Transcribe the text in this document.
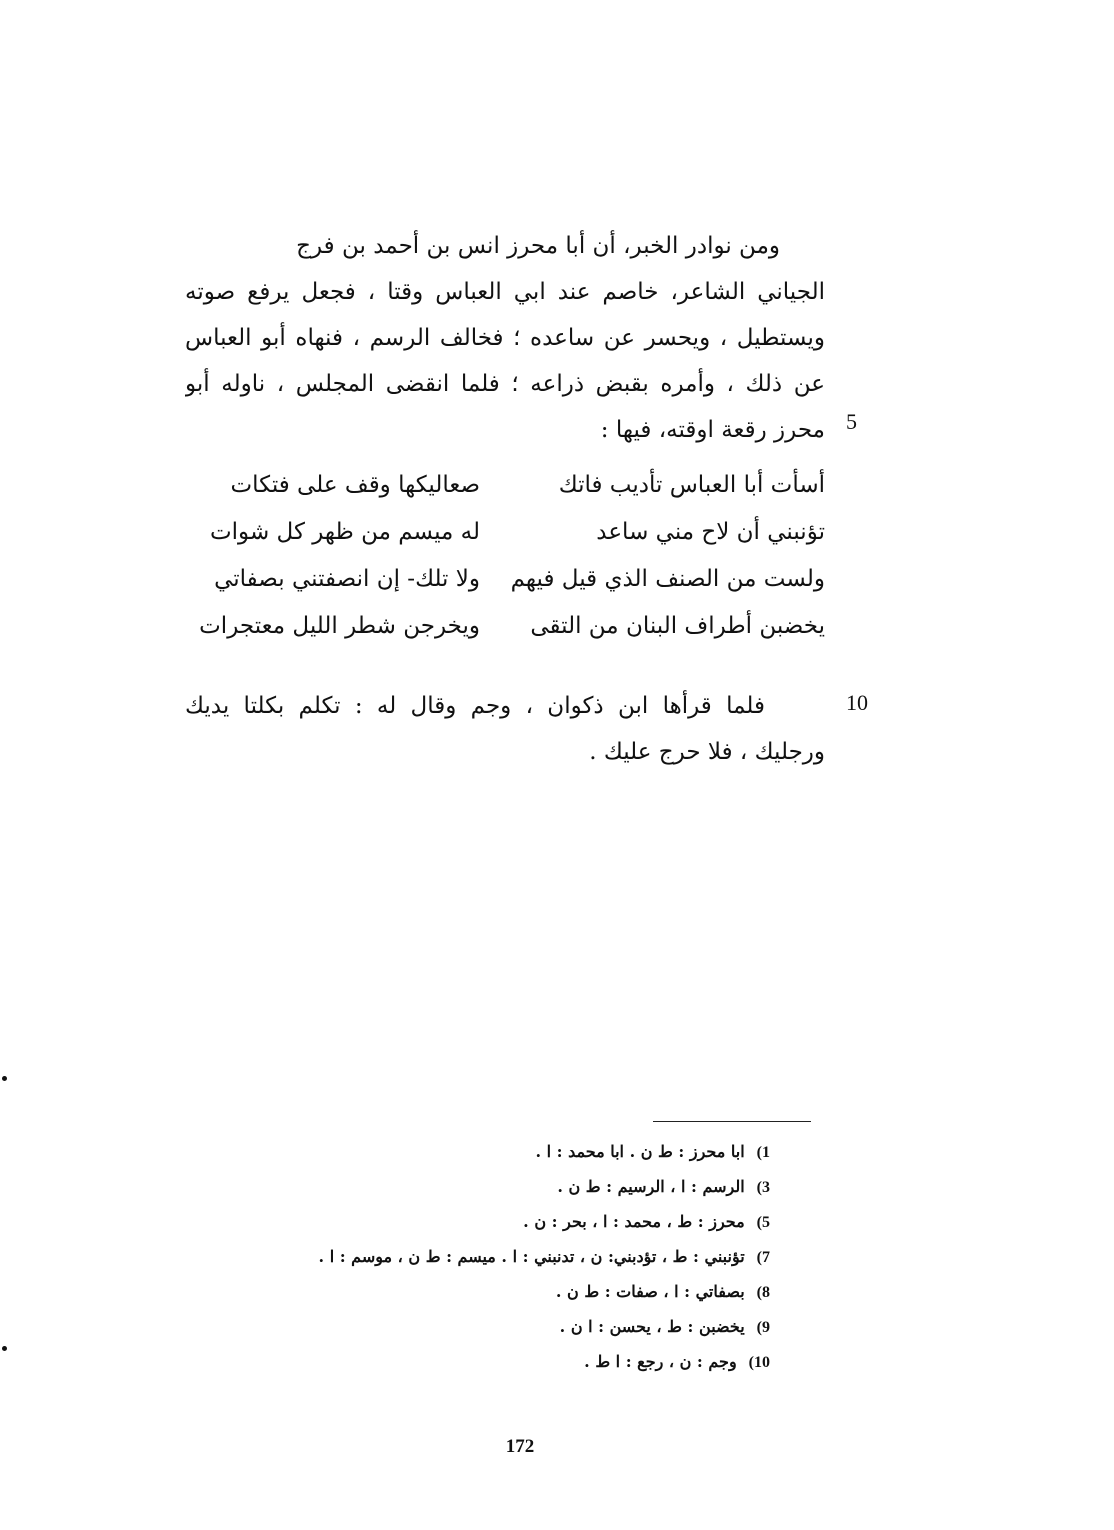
ومن نوادر الخبر، أن أبا محرز انس بن أحمد بن فرج
الجياني الشاعر، خاصم عند ابي العباس وقتا ، فجعل يرفع صوته
ويستطيل ، ويحسر عن ساعده ؛ فخالف الرسم ، فنهاه أبو العباس
عن ذلك ، وأمره بقبض ذراعه ؛ فلما انقضى المجلس ، ناوله أبو
محرز رقعة اوقته، فيها : 5
أسأت أبا العباس تأديب فاتك
صعاليكها وقف على فتكات
تؤنبني أن لاح مني ساعد
له ميسم من ظهر كل شوات
ولست من الصنف الذي قيل فيهم
ولا تلك- إن انصفتني بصفاتي
يخضبن أطراف البنان من التقى
ويخرجن شطر الليل معتجرات
فلما قرأها ابن ذكوان ، وجم وقال له : تكلم بكلتا يديك
ورجليك ، فلا حرج عليك .
10
1)ابا محرز : ط ن . ابا محمد : ا .
3)الرسم : ا ، الرسيم : ط ن .
5)محرز : ط ، محمد : ا ، بحر : ن .
7)تؤنبني : ط ، تؤدبني: ن ، تدنبني : ا . ميسم : ط ن ، موسم : ا .
8)بصفاتي : ا ، صفات : ط ن .
9)يخضبن : ط ، يحسن : ا ن .
10)وجم : ن ، رجع : ا ط .
172
